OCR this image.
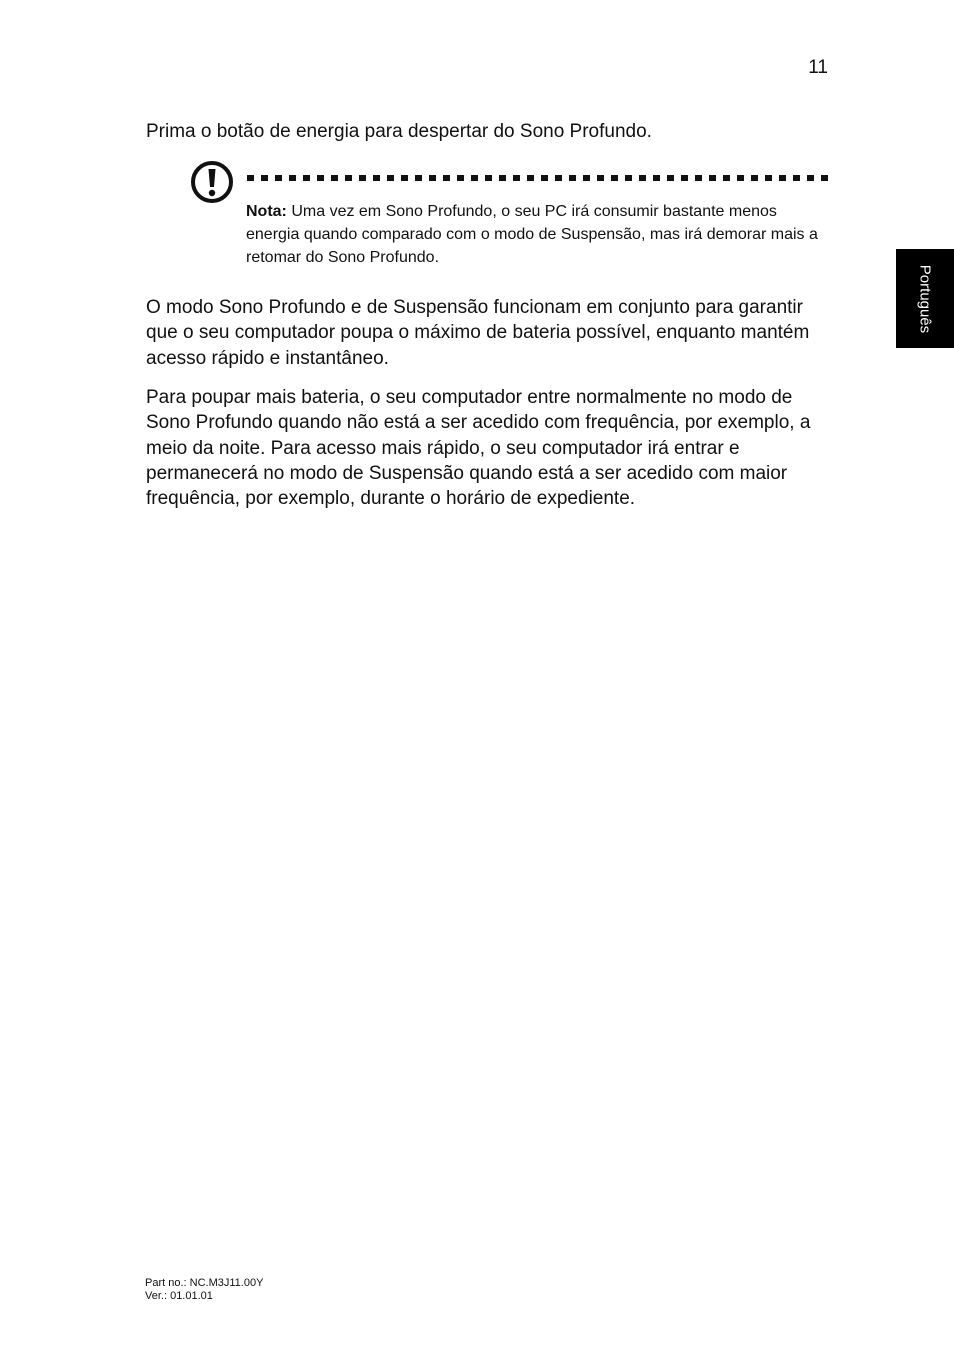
11

Prima o botão de energia para despertar do Sono Profundo.

Nota: Uma vez em Sono Profundo, o seu PC irá consumir bastante menos energia quando comparado com o modo de Suspensão, mas irá demorar mais a retomar do Sono Profundo.

O modo Sono Profundo e de Suspensão funcionam em conjunto para garantir que o seu computador poupa o máximo de bateria possível, enquanto mantém acesso rápido e instantâneo.

Para poupar mais bateria, o seu computador entre normalmente no modo de Sono Profundo quando não está a ser acedido com frequência, por exemplo, a meio da noite. Para acesso mais rápido, o seu computador irá entrar e permanecerá no modo de Suspensão quando está a ser acedido com maior frequência, por exemplo, durante o horário de expediente.

Português
Part no.: NC.M3J11.00Y
Ver.: 01.01.01
